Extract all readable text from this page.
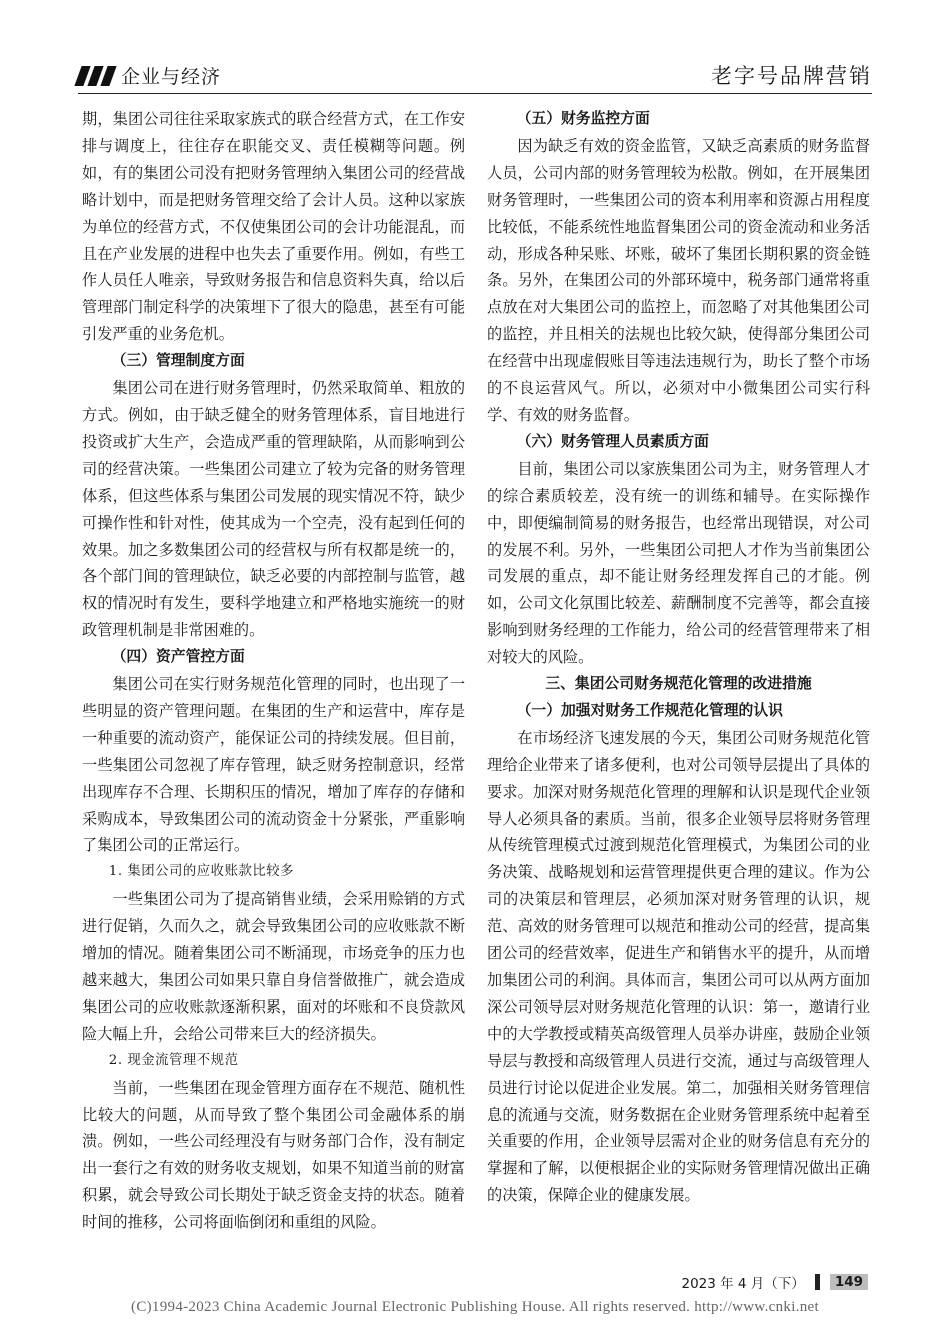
企业与经济	老字号品牌营销

期，集团公司往往采取家族式的联合经营方式，在工作安排与调度上，往往存在职能交叉、责任模糊等问题。例如，有的集团公司没有把财务管理纳入集团公司的经营战略计划中，而是把财务管理交给了会计人员。这种以家族为单位的经营方式，不仅使集团公司的会计功能混乱，而且在产业发展的进程中也失去了重要作用。例如，有些工作人员任人唯亲，导致财务报告和信息资料失真，给以后管理部门制定科学的决策埋下了很大的隐患，甚至有可能引发严重的业务危机。

（三）管理制度方面

集团公司在进行财务管理时，仍然采取简单、粗放的方式。例如，由于缺乏健全的财务管理体系，盲目地进行投资或扩大生产，会造成严重的管理缺陷，从而影响到公司的经营决策。一些集团公司建立了较为完备的财务管理体系，但这些体系与集团公司发展的现实情况不符，缺少可操作性和针对性，使其成为一个空壳，没有起到任何的效果。加之多数集团公司的经营权与所有权都是统一的，各个部门间的管理缺位，缺乏必要的内部控制与监管，越权的情况时有发生，要科学地建立和严格地实施统一的财政管理机制是非常困难的。

（四）资产管控方面

集团公司在实行财务规范化管理的同时，也出现了一些明显的资产管理问题。在集团的生产和运营中，库存是一种重要的流动资产，能保证公司的持续发展。但目前，一些集团公司忽视了库存管理，缺乏财务控制意识，经常出现库存不合理、长期积压的情况，增加了库存的存储和采购成本，导致集团公司的流动资金十分紧张，严重影响了集团公司的正常运行。

1. 集团公司的应收账款比较多

一些集团公司为了提高销售业绩，会采用赊销的方式进行促销，久而久之，就会导致集团公司的应收账款不断增加的情况。随着集团公司不断涌现，市场竞争的压力也越来越大，集团公司如果只靠自身信誉做推广，就会造成集团公司的应收账款逐渐积累，面对的坏账和不良贷款风险大幅上升，会给公司带来巨大的经济损失。

2. 现金流管理不规范

当前，一些集团在现金管理方面存在不规范、随机性比较大的问题，从而导致了整个集团公司金融体系的崩溃。例如，一些公司经理没有与财务部门合作，没有制定出一套行之有效的财务收支规划，如果不知道当前的财富积累，就会导致公司长期处于缺乏资金支持的状态。随着时间的推移，公司将面临倒闭和重组的风险。

（五）财务监控方面

因为缺乏有效的资金监管，又缺乏高素质的财务监督人员，公司内部的财务管理较为松散。例如，在开展集团财务管理时，一些集团公司的资本利用率和资源占用程度比较低，不能系统性地监督集团公司的资金流动和业务活动，形成各种呆账、坏账，破坏了集团长期积累的资金链条。另外，在集团公司的外部环境中，税务部门通常将重点放在对大集团公司的监控上，而忽略了对其他集团公司的监控，并且相关的法规也比较欠缺，使得部分集团公司在经营中出现虚假账目等违法违规行为，助长了整个市场的不良运营风气。所以，必须对中小微集团公司实行科学、有效的财务监督。

（六）财务管理人员素质方面

目前，集团公司以家族集团公司为主，财务管理人才的综合素质较差，没有统一的训练和辅导。在实际操作中，即便编制简易的财务报告，也经常出现错误，对公司的发展不利。另外，一些集团公司把人才作为当前集团公司发展的重点，却不能让财务经理发挥自己的才能。例如，公司文化氛围比较差、薪酬制度不完善等，都会直接影响到财务经理的工作能力，给公司的经营管理带来了相对较大的风险。

三、集团公司财务规范化管理的改进措施

（一）加强对财务工作规范化管理的认识

在市场经济飞速发展的今天，集团公司财务规范化管理给企业带来了诸多便利，也对公司领导层提出了具体的要求。加深对财务规范化管理的理解和认识是现代企业领导人必须具备的素质。当前，很多企业领导层将财务管理从传统管理模式过渡到规范化管理模式，为集团公司的业务决策、战略规划和运营管理提供更合理的建议。作为公司的决策层和管理层，必须加深对财务管理的认识，规范、高效的财务管理可以规范和推动公司的经营，提高集团公司的经营效率，促进生产和销售水平的提升，从而增加集团公司的利润。具体而言，集团公司可以从两方面加深公司领导层对财务规范化管理的认识：第一，邀请行业中的大学教授或精英高级管理人员举办讲座，鼓励企业领导层与教授和高级管理人员进行交流，通过与高级管理人员进行讨论以促进企业发展。第二，加强相关财务管理信息的流通与交流，财务数据在企业财务管理系统中起着至关重要的作用，企业领导层需对企业的财务信息有充分的掌握和了解，以便根据企业的实际财务管理情况做出正确的决策，保障企业的健康发展。

2023 年 4 月（下）	149
(C)1994-2023 China Academic Journal Electronic Publishing House. All rights reserved. http://www.cnki.net
